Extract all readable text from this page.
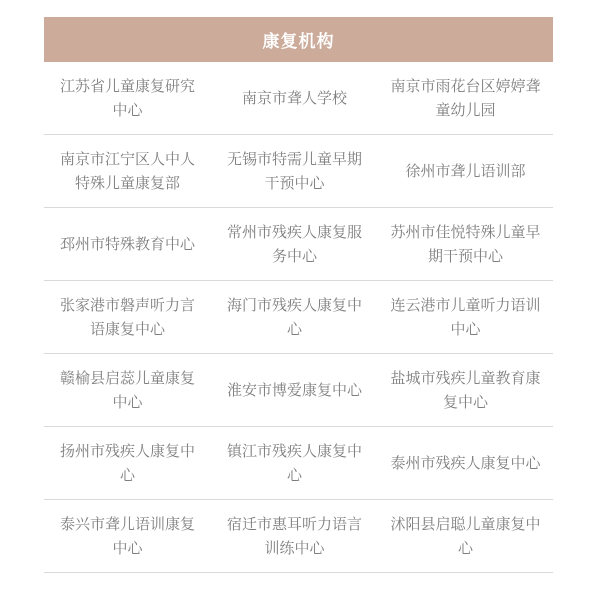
康复机构
江苏省儿童康复研究中心
南京市聋人学校
南京市雨花台区婷婷聋童幼儿园
南京市江宁区人中人特殊儿童康复部
无锡市特需儿童早期干预中心
徐州市聋儿语训部
邳州市特殊教育中心
常州市残疾人康复服务中心
苏州市佳悦特殊儿童早期干预中心
张家港市磐声听力言语康复中心
海门市残疾人康复中心
连云港市儿童听力语训中心
赣榆县启蕊儿童康复中心
淮安市博爱康复中心
盐城市残疾儿童教育康复中心
扬州市残疾人康复中心
镇江市残疾人康复中心
泰州市残疾人康复中心
泰兴市聋儿语训康复中心
宿迁市惠耳听力语言训练中心
沭阳县启聪儿童康复中心
